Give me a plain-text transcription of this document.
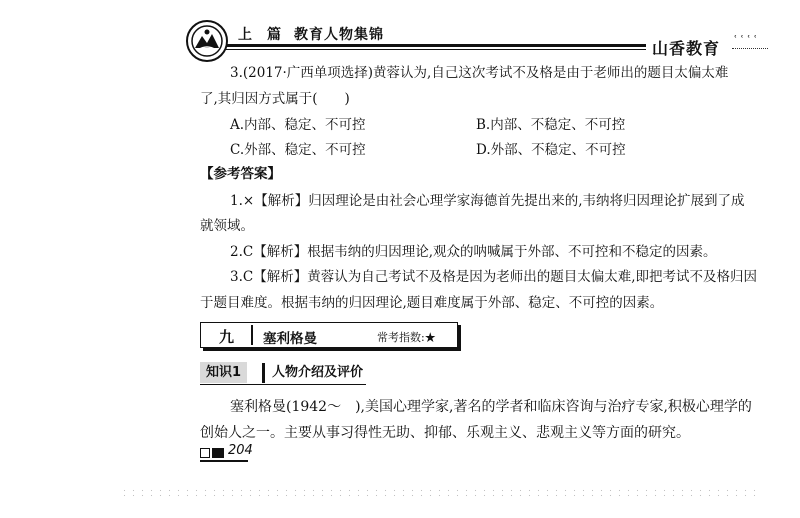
上 篇 教育人物集锦
山香教育 ʿʿʿʿ
3.(2017·广西单项选择)黄蓉认为,自己这次考试不及格是由于老师出的题目太偏太难
了,其归因方式属于(　　)
A.内部、稳定、不可控	B.内部、不稳定、不可控
C.外部、稳定、不可控	D.外部、不稳定、不可控
【参考答案】
1.×【解析】归因理论是由社会心理学家海德首先提出来的,韦纳将归因理论扩展到了成
就领域。
2.C【解析】根据韦纳的归因理论,观众的呐喊属于外部、不可控和不稳定的因素。
3.C【解析】黄蓉认为自己考试不及格是因为老师出的题目太偏太难,即把考试不及格归因
于题目难度。根据韦纳的归因理论,题目难度属于外部、稳定、不可控的因素。
九 塞利格曼	常考指数:★
知识1	人物介绍及评价
塞利格曼(1942～　),美国心理学家,著名的学者和临床咨询与治疗专家,积极心理学的
创始人之一。主要从事习得性无助、抑郁、乐观主义、悲观主义等方面的研究。
204
